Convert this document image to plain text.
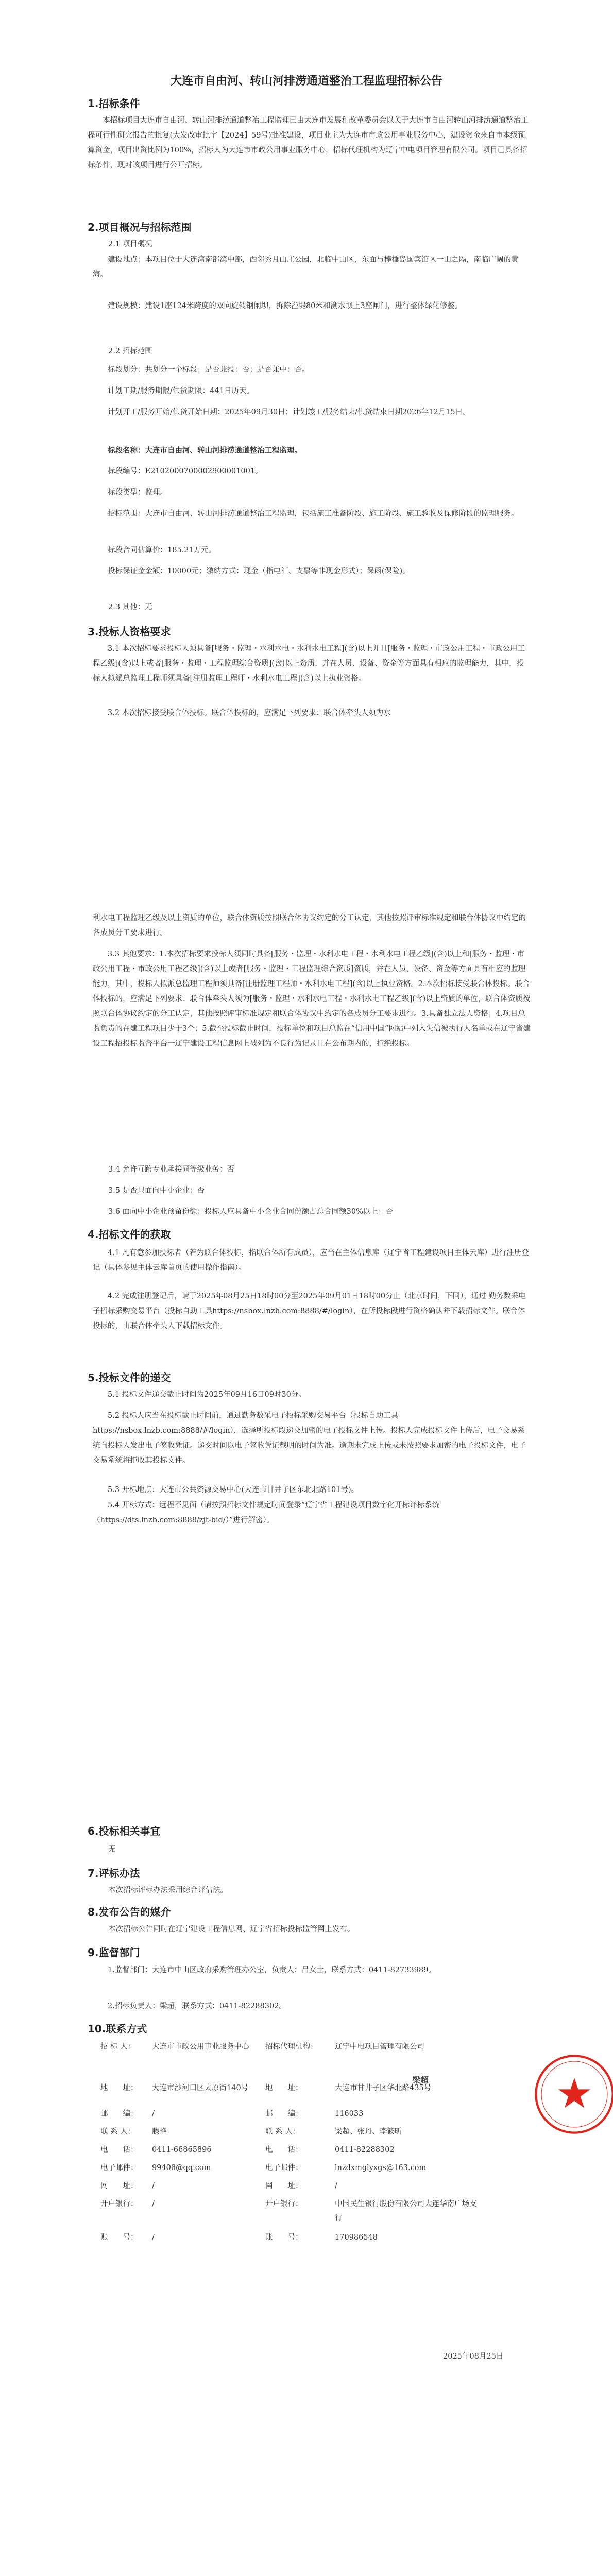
大连市自由河、转山河排涝通道整治工程监理招标公告
1.招标条件
本招标项目大连市自由河、转山河排涝通道整治工程监理已由大连市发展和改革委员会以关于大连市自由河转山河排涝通道整治工程可行性研究报告的批复(大发改审批字【2024】59号)批准建设，项目业主为大连市市政公用事业服务中心，建设资金来自市本级预算资金，项目出资比例为100%，招标人为大连市市政公用事业服务中心，招标代理机构为辽宁中电项目管理有限公司。项目已具备招标条件，现对该项目进行公开招标。
2.项目概况与招标范围
2.1 项目概况
建设地点：本项目位于大连湾南部滨中部，西邻秀月山庄公园，北临中山区，东面与棒棰岛国宾馆区一山之隔，南临广阔的黄海。
建设规模：建设1座124米跨度的双向旋转钢闸坝，拆除溢堤80米和溯水坝上3座闸门，进行整体绿化修整。
2.2 招标范围
标段划分：共划分一个标段；是否兼投：否；是否兼中：否。
计划工期/服务期限/供货期限：441日历天。
计划开工/服务开始/供货开始日期：2025年09月30日；计划竣工/服务结束/供货结束日期2026年12月15日。
标段名称：大连市自由河、转山河排涝通道整治工程监理。
标段编号：E2102000700002900001001。
标段类型：监理。
招标范围：大连市自由河、转山河排涝通道整治工程监理，包括施工准备阶段、施工阶段、施工验收及保修阶段的监理服务。
标段合同估算价：185.21万元。
投标保证金金额：10000元；缴纳方式：现金（指电汇、支票等非现金形式）；保函(保险)。
2.3 其他：无
3.投标人资格要求
3.1 本次招标要求投标人须具备[服务・监理・水利水电・水利水电工程](含)以上并且[服务・监理・市政公用工程・市政公用工程乙级](含)以上或者[服务・监理・工程监理综合资质](含)以上资质，并在人员、设备、资金等方面具有相应的监理能力，其中，投标人拟派总监理工程师须具备[注册监理工程师・水利水电工程](含)以上执业资格。
3.2 本次招标接受联合体投标。联合体投标的，应满足下列要求：联合体牵头人须为水
利水电工程监理乙级及以上资质的单位，联合体资质按照联合体协议约定的分工认定，其他按照评审标准规定和联合体协议中约定的各成员分工要求进行。
3.3 其他要求：1.本次招标要求投标人须同时具备[服务・监理・水利水电工程・水利水电工程乙级](含)以上和[服务・监理・市政公用工程・市政公用工程乙级](含)以上或者[服务・监理・工程监理综合资质]资质，并在人员、设备、资金等方面具有相应的监理能力，其中，投标人拟派总监理工程师须具备[注册监理工程师・水利水电工程](含)以上执业资格。2.本次招标接受联合体投标。联合体投标的，应满足下列要求：联合体牵头人须为[服务・监理・水利水电工程・水利水电工程乙级](含)以上资质的单位，联合体资质按照联合体协议约定的分工认定，其他按照评审标准规定和联合体协议中约定的各成员分工要求进行。3.具备独立法人资格；4.项目总监负责的在建工程项目少于3个；5.截至投标截止时间，投标单位和项目总监在“信用中国”网站中列入失信被执行人名单或在辽宁省建设工程招投标监督平台一辽宁建设工程信息网上被列为不良行为记录且在公布期内的，拒绝投标。
3.4 允许互跨专业承接同等级业务：否
3.5 是否只面向中小企业：否
3.6 面向中小企业预留份额：投标人应具备中小企业合同份额占总合同额30%以上：否
4.招标文件的获取
4.1 凡有意参加投标者（若为联合体投标，指联合体所有成员），应当在主体信息库（辽宁省工程建设项目主体云库）进行注册登记（具体参见主体云库首页的使用操作指南）。
4.2 完成注册登记后，请于2025年08月25日18时00分至2025年09月01日18时00分止（北京时间，下同），通过 勤务数采电子招标采购交易平台（投标自助工具https://nsbox.lnzb.com:8888/#/login），在所投标段进行资格确认并下载招标文件。联合体投标的，由联合体牵头人下载招标文件。
5.投标文件的递交
5.1 投标文件递交截止时间为2025年09月16日09时30分。
5.2 投标人应当在投标截止时间前，通过勤务数采电子招标采购交易平台（投标自助工具https://nsbox.lnzb.com:8888/#/login），选择所投标段递交加密的电子投标文件上传。投标人完成投标文件上传后，电子交易系统向投标人发出电子签收凭证。递交时间以电子签收凭证载明的时间为准。逾期未完成上传或未按照要求加密的电子投标文件，电子交易系统将拒收其投标文件。
5.3 开标地点：大连市公共资源交易中心(大连市甘井子区东北北路101号)。
5.4 开标方式：远程不见面（请按照招标文件规定时间登录“辽宁省工程建设项目数字化开标评标系统（https://dts.lnzb.com:8888/zjt-bid/）”进行解密）。
6.投标相关事宜
无
7.评标办法
本次招标评标办法采用综合评估法。
8.发布公告的媒介
本次招标公告同时在辽宁建设工程信息网、辽宁省招标投标监管网上发布。
9.监督部门
1.监督部门：大连市中山区政府采购管理办公室，负责人：吕女士，联系方式：0411-82733989。
2.招标负责人：梁超，联系方式：0411-82288302。
10.联系方式
招 标 人：	大连市市政公用事业服务中心 招标代理机构：	辽宁中电项目管理有限公司
地　　址：	大连市沙河口区太原街140号 地　　址：	大连市甘井子区华北路435号
邮　　编：	/	邮　　编：	116033
联 系 人：	滕艳	联 系 人：	梁超、张丹、李筱昕
电　　话：	0411-66865896	电　　话：	0411-82288302
电子邮件：	99408@qq.com	电子邮件：	lnzdxmglyxgs@163.com
网　　址：	/	网　　址：	/
开户银行：	/	开户银行：	中国民生银行股份有限公司大连华南广场支行
账　　号：	/	账　　号：	170986548
梁超
2025年08月25日
